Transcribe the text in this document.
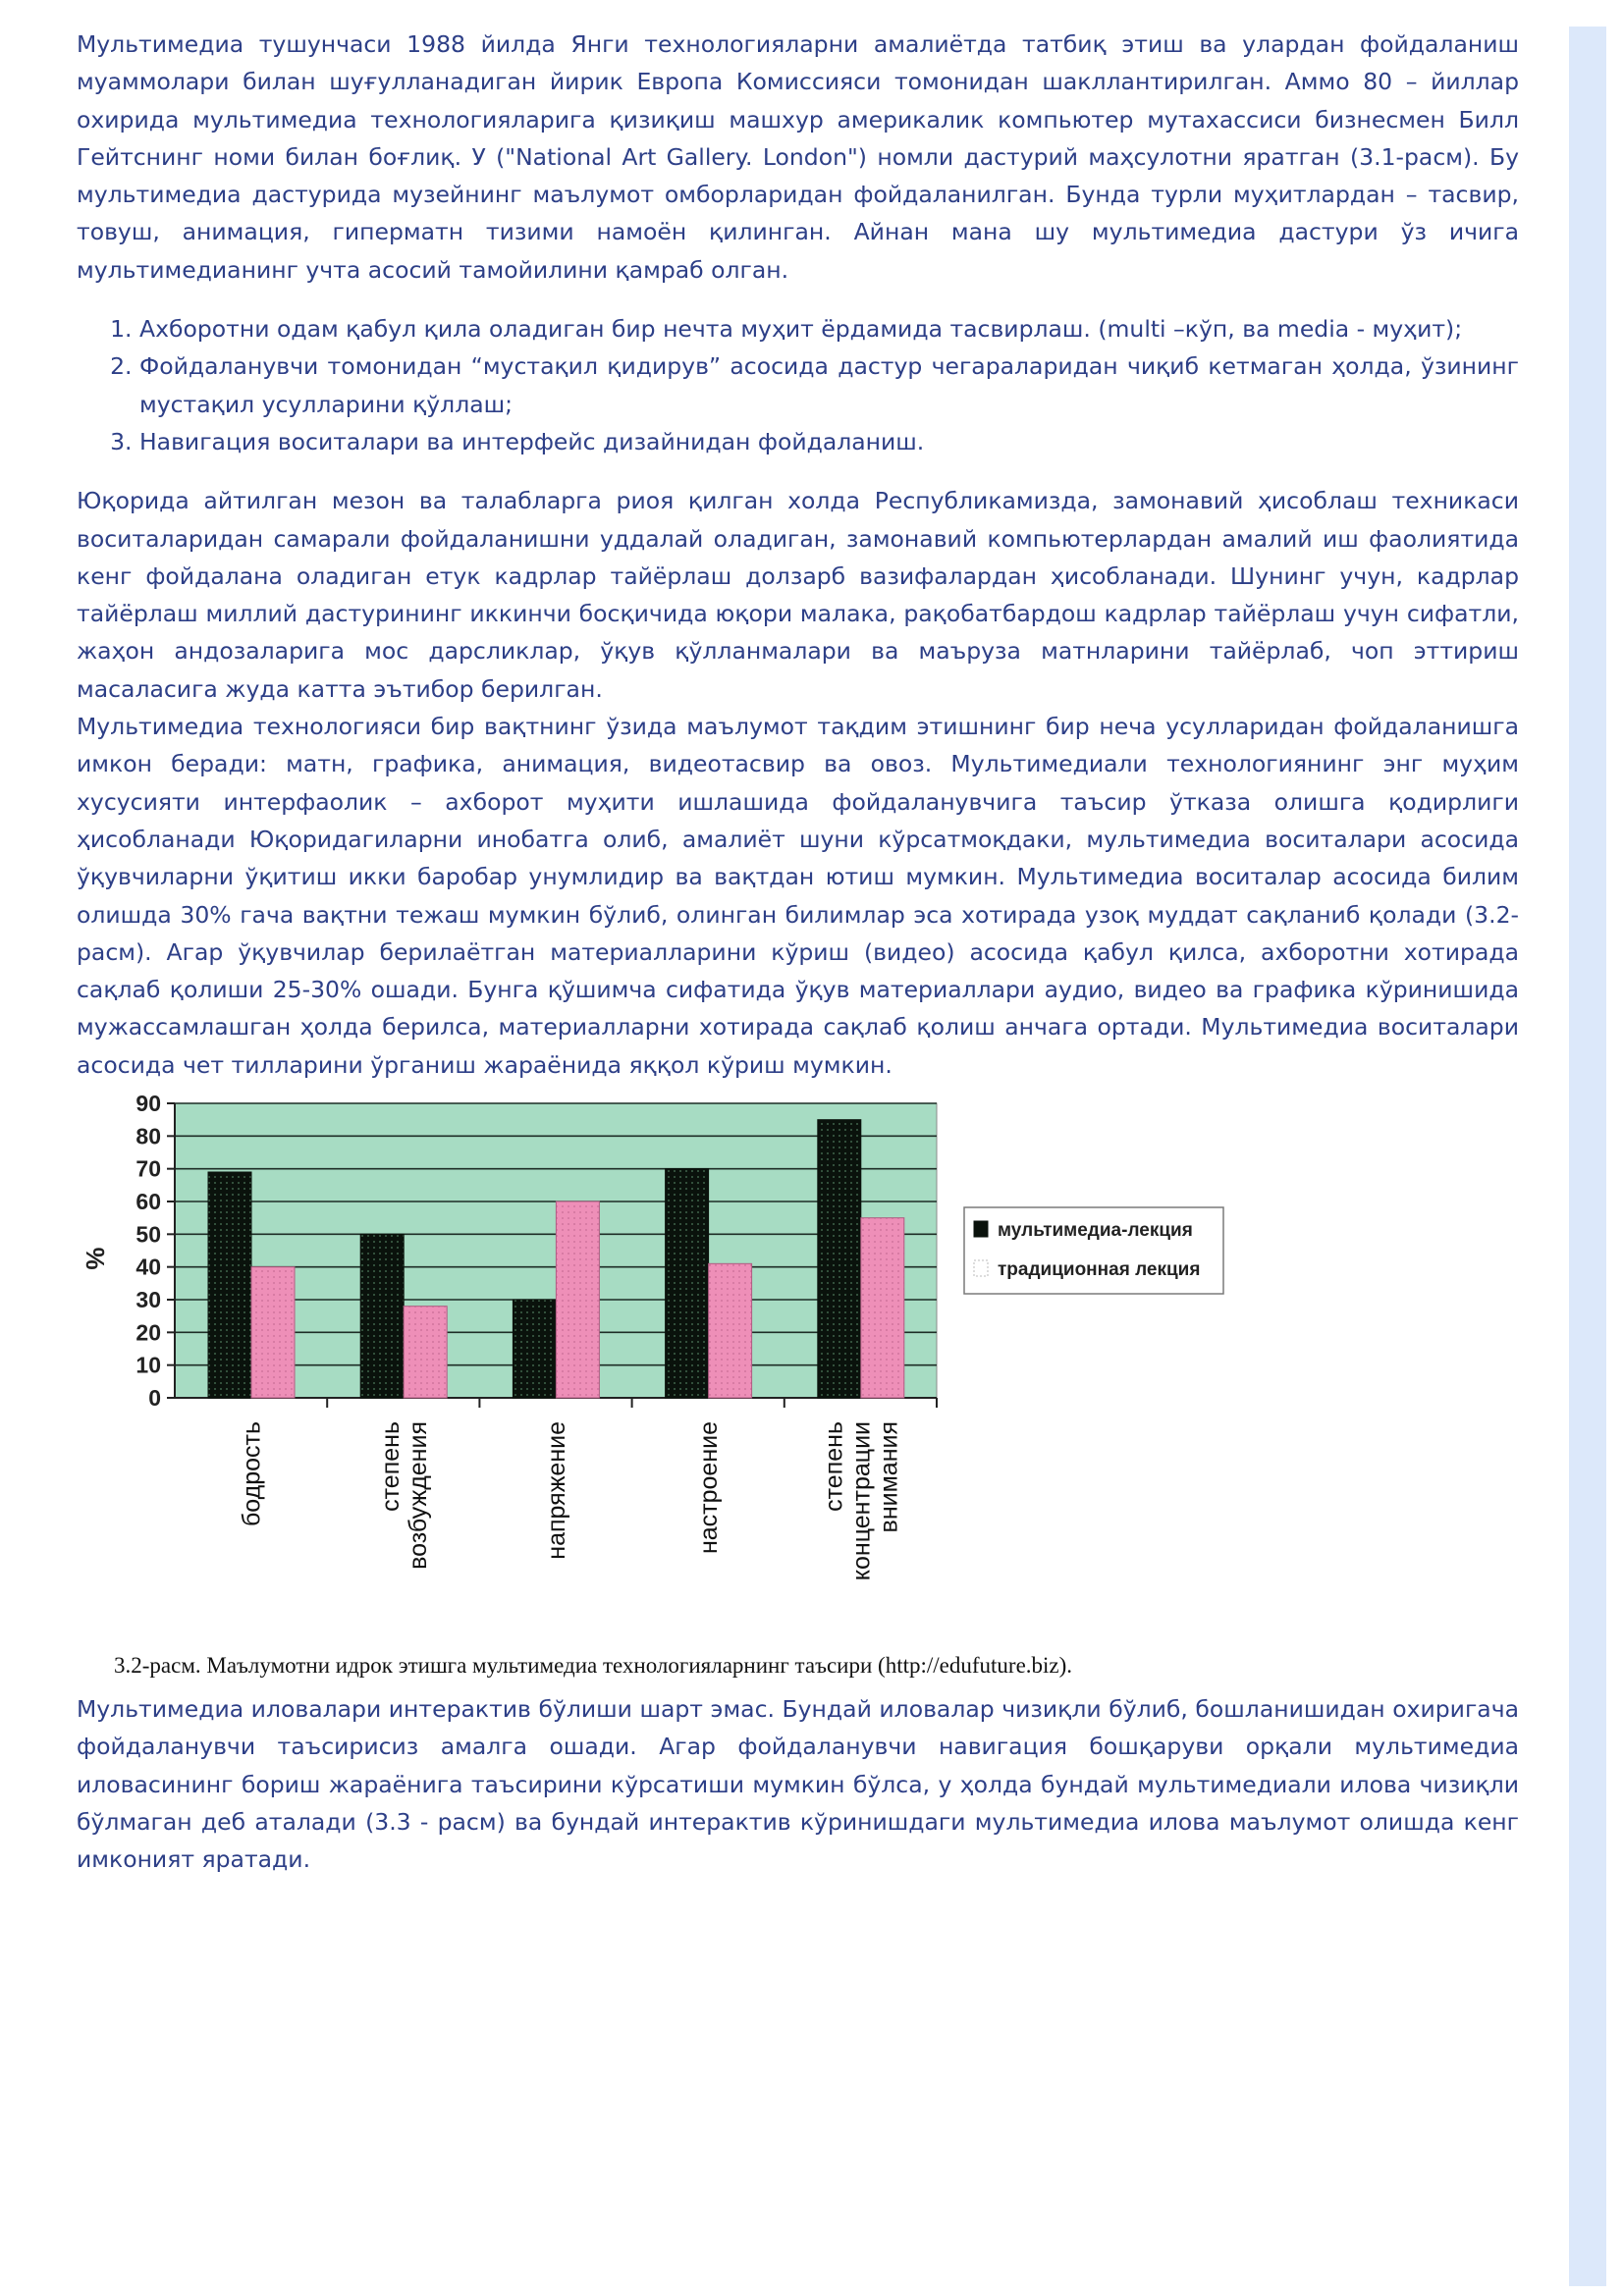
Мультимедиа тушунчаси 1988 йилда Янги технологияларни амалиётда татбиқ этиш ва улардан фойдаланиш муаммолари билан шуғулланадиган йирик Европа Комиссияси томонидан шакллантирилган. Аммо 80 – йиллар охирида мультимедиа технологияларига қизиқиш машхур америкалик компьютер мутахассиси бизнесмен Билл Гейтснинг номи билан боғлиқ. У ("National Art Gallery. London") номли дастурий маҳсулотни яратган (3.1-расм). Бу мультимедиа дастурида музейнинг маълумот омборларидан фойдаланилган. Бунда турли муҳитлардан – тасвир, товуш, анимация, гиперматн тизими намоён қилинган. Айнан мана шу мультимедиа дастури ўз ичига мультимедианинг учта асосий тамойилини қамраб олган.

1. Ахборотни одам қабул қила оладиган бир нечта муҳит ёрдамида тасвирлаш. (multi –кўп, ва media - муҳит);
2. Фойдаланувчи томонидан “мустақил қидирув” асосида дастур чегараларидан чиқиб кетмаган ҳолда, ўзининг мустақил усулларини қўллаш;
3. Навигация воситалари ва интерфейс дизайнидан фойдаланиш.

Юқорида айтилган мезон ва талабларга риоя қилган холда Республикамизда, замонавий ҳисоблаш техникаси воситаларидан самарали фойдаланишни уддалай оладиган, замонавий компьютерлардан амалий иш фаолиятида кенг фойдалана оладиган етук кадрлар тайёрлаш долзарб вазифалардан ҳисобланади. Шунинг учун, кадрлар тайёрлаш миллий дастурининг иккинчи босқичида юқори малака, рақобатбардош кадрлар тайёрлаш учун сифатли, жаҳон андозаларига мос дарсликлар, ўқув қўлланмалари ва маъруза матнларини тайёрлаб, чоп эттириш масаласига жуда катта эътибор берилган.

Мультимедиа технологияси бир вақтнинг ўзида маълумот тақдим этишнинг бир неча усулларидан фойдаланишга имкон беради: матн, графика, анимация, видеотасвир ва овоз. Мультимедиали технологиянинг энг муҳим хусусияти интерфаолик – ахборот муҳити ишлашида фойдаланувчига таъсир ўтказа олишга қодирлиги ҳисобланади Юқоридагиларни инобатга олиб, амалиёт шуни кўрсатмоқдаки, мультимедиа воситалари асосида ўқувчиларни ўқитиш икки баробар унумлидир ва вақтдан ютиш мумкин. Мультимедиа воситалар асосида билим олишда 30% гача вақтни тежаш мумкин бўлиб, олинган билимлар эса хотирада узоқ муддат сақланиб қолади (3.2-расм). Агар ўқувчилар берилаётган материалларини кўриш (видео) асосида қабул қилса, ахборотни хотирада сақлаб қолиши 25-30% ошади. Бунга қўшимча сифатида ўқув материаллари аудио, видео ва графика кўринишида мужассамлашган ҳолда берилса, материалларни хотирада сақлаб қолиш анчага ортади. Мультимедиа воситалари асосида чет тилларини ўрганиш жараёнида яққол кўриш мумкин.

0
10
20
30
40
50
60
70
80
90
%
бодрость	степень возбуждения	напряжение	настроение	степень концентрации внимания
мультимедиа-лекция
традиционная лекция

3.2-расм. Маълумотни идрок этишга мультимедиа технологияларнинг таъсири (http://edufuture.biz).

Мультимедиа иловалари интерактив бўлиши шарт эмас. Бундай иловалар чизиқли бўлиб, бошланишидан охиригача фойдаланувчи таъсирисиз амалга ошади. Агар фойдаланувчи навигация бошқаруви орқали мультимедиа иловасининг бориш жараёнига таъсирини кўрсатиши мумкин бўлса, у ҳолда бундай мультимедиали илова чизиқли бўлмаган деб аталади (3.3 - расм) ва бундай интерактив кўринишдаги мультимедиа илова маълумот олишда кенг имконият яратади.
